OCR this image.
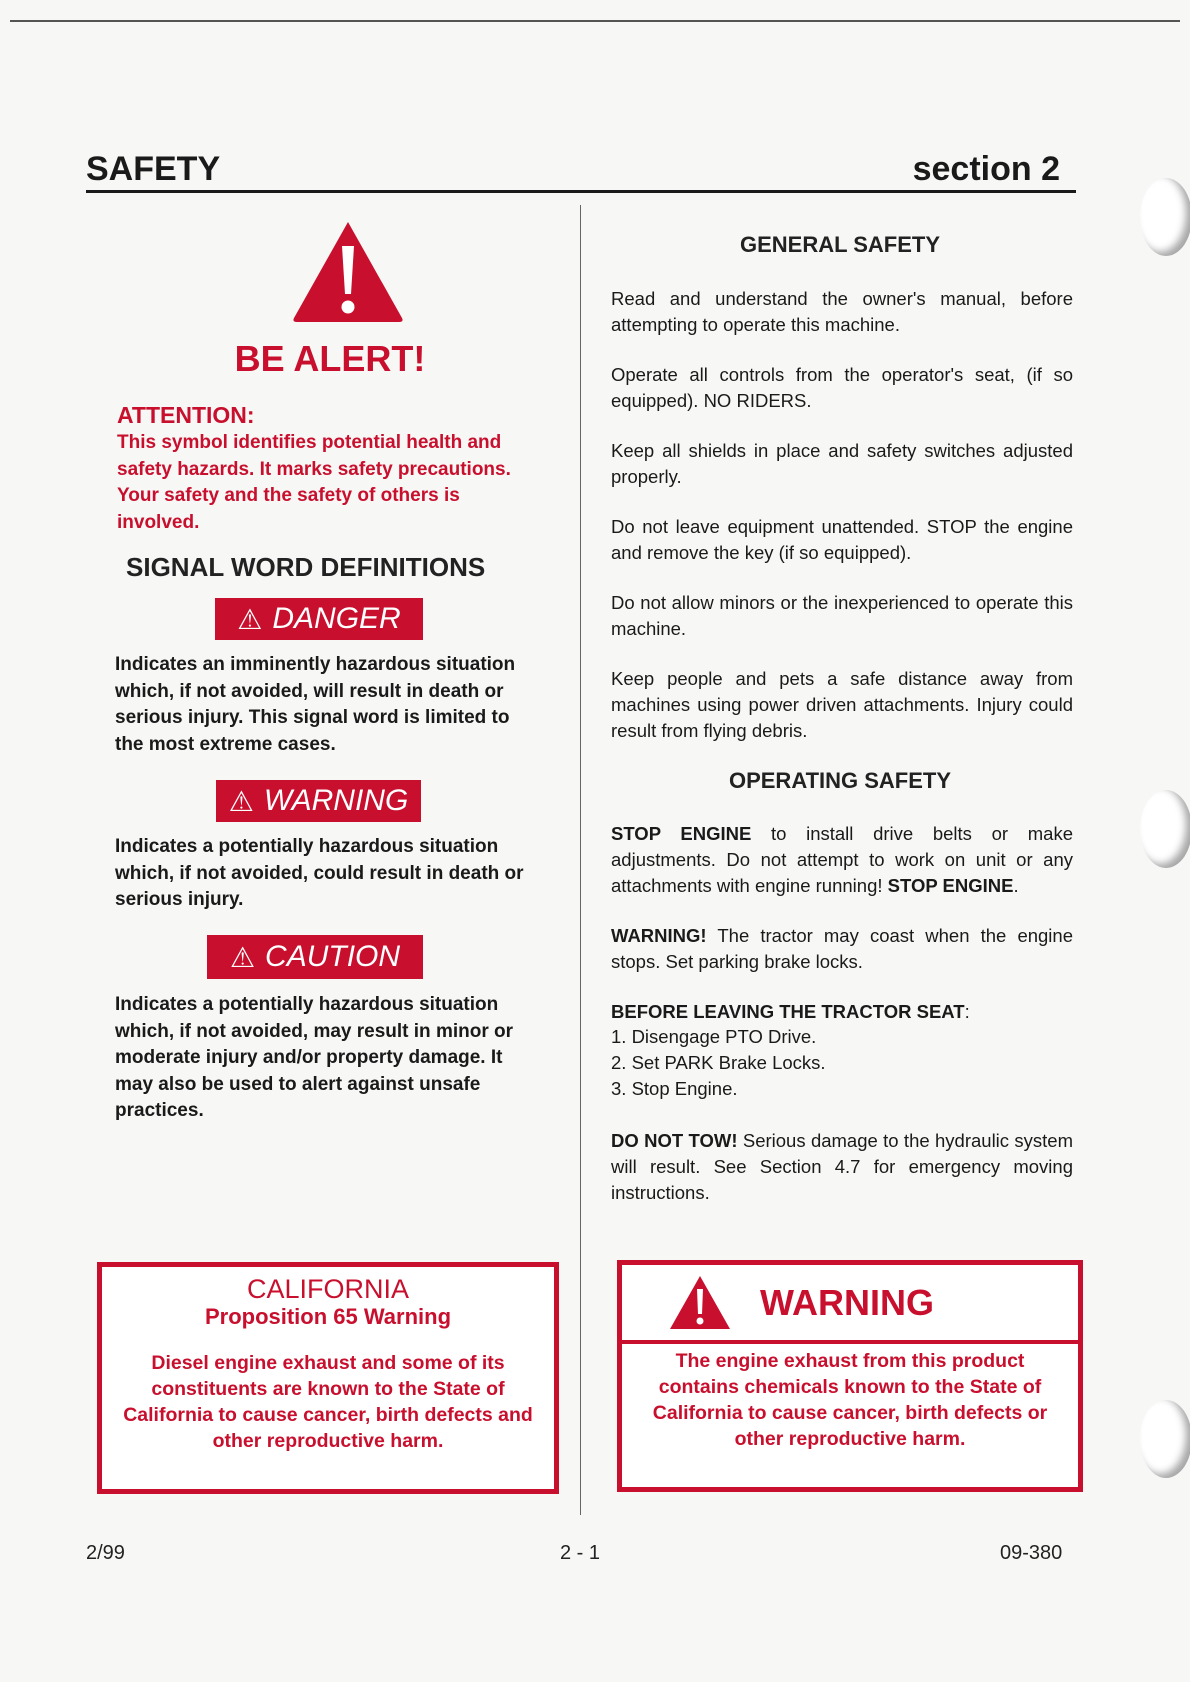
SAFETY	section 2
BE ALERT!
ATTENTION:
This symbol identifies potential health and
safety hazards. It marks safety precautions.
Your safety and the safety of others is
involved.
SIGNAL WORD DEFINITIONS
⚠ DANGER
Indicates an imminently hazardous situation
which, if not avoided, will result in death or
serious injury. This signal word is limited to
the most extreme cases.
⚠ WARNING
Indicates a potentially hazardous situation
which, if not avoided, could result in death or
serious injury.
⚠ CAUTION
Indicates a potentially hazardous situation
which, if not avoided, may result in minor or
moderate injury and/or property damage. It
may also be used to alert against unsafe
practices.
CALIFORNIA
Proposition 65 Warning
Diesel engine exhaust and some of its
constituents are known to the State of
California to cause cancer, birth defects and
other reproductive harm.
GENERAL SAFETY
Read and understand the owner's manual, before attempting to operate this machine.
Operate all controls from the operator's seat, (if so equipped). NO RIDERS.
Keep all shields in place and safety switches adjusted properly.
Do not leave equipment unattended. STOP the engine and remove the key (if so equipped).
Do not allow minors or the inexperienced to operate this machine.
Keep people and pets a safe distance away from machines using power driven attachments. Injury could result from flying debris.
OPERATING SAFETY
STOP ENGINE to install drive belts or make adjustments. Do not attempt to work on unit or any attachments with engine running! STOP ENGINE.
WARNING! The tractor may coast when the engine stops. Set parking brake locks.
BEFORE LEAVING THE TRACTOR SEAT:
1. Disengage PTO Drive.
2. Set PARK Brake Locks.
3. Stop Engine.
DO NOT TOW! Serious damage to the hydraulic system will result. See Section 4.7 for emergency moving instructions.
WARNING
The engine exhaust from this product
contains chemicals known to the State of
California to cause cancer, birth defects or
other reproductive harm.
2/99	2 - 1	09-380
